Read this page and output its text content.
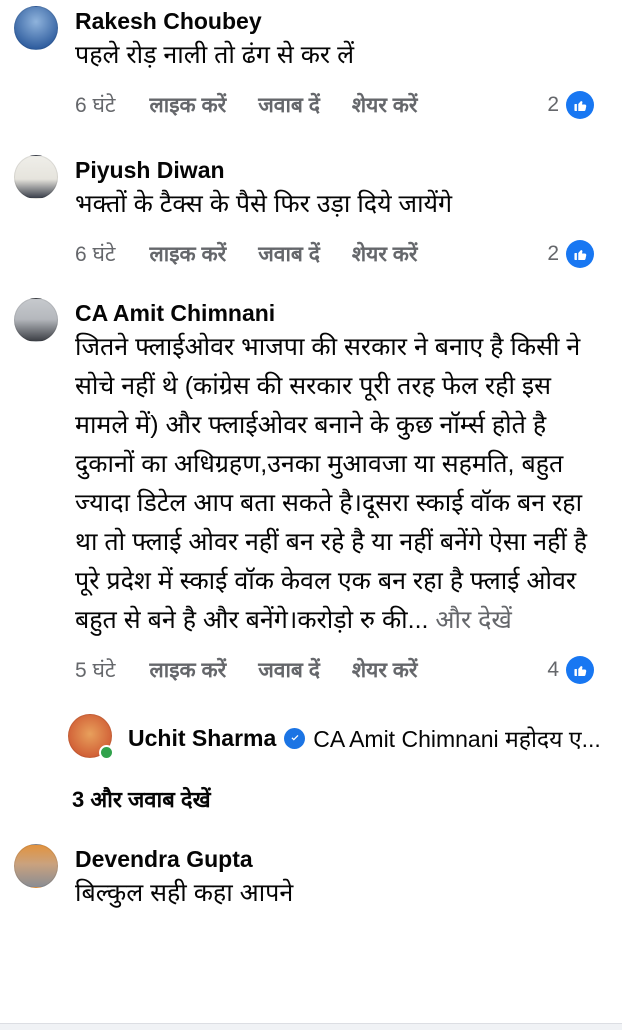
Rakesh Choubey
पहले रोड़ नाली तो ढंग से कर लें
6 घंटे लाइक करें जवाब दें शेयर करें	2
Piyush Diwan
भक्तों के टैक्स के पैसे फिर उड़ा दिये जायेंगे
6 घंटे लाइक करें जवाब दें शेयर करें	2
CA Amit Chimnani
जितने फ्लाईओवर भाजपा की सरकार ने बनाए है किसी ने सोचे नहीं थे (कांग्रेस की सरकार पूरी तरह फेल रही इस मामले में) और फ्लाईओवर बनाने के कुछ नॉर्म्स होते है दुकानों का अधिग्रहण,उनका मुआवजा या सहमति, बहुत ज्यादा डिटेल आप बता सकते है।दूसरा स्काई वॉक बन रहा था तो फ्लाई ओवर नहीं बन रहे है या नहीं बनेंगे ऐसा नहीं है पूरे प्रदेश में स्काई वॉक केवल एक बन रहा है फ्लाई ओवर बहुत से बने है और बनेंगे।करोड़ो रु की... और देखें
5 घंटे लाइक करें जवाब दें शेयर करें	4
Uchit Sharma CA Amit Chimnani महोदय ए...
3 और जवाब देखें
Devendra Gupta
बिल्कुल सही कहा आपने
